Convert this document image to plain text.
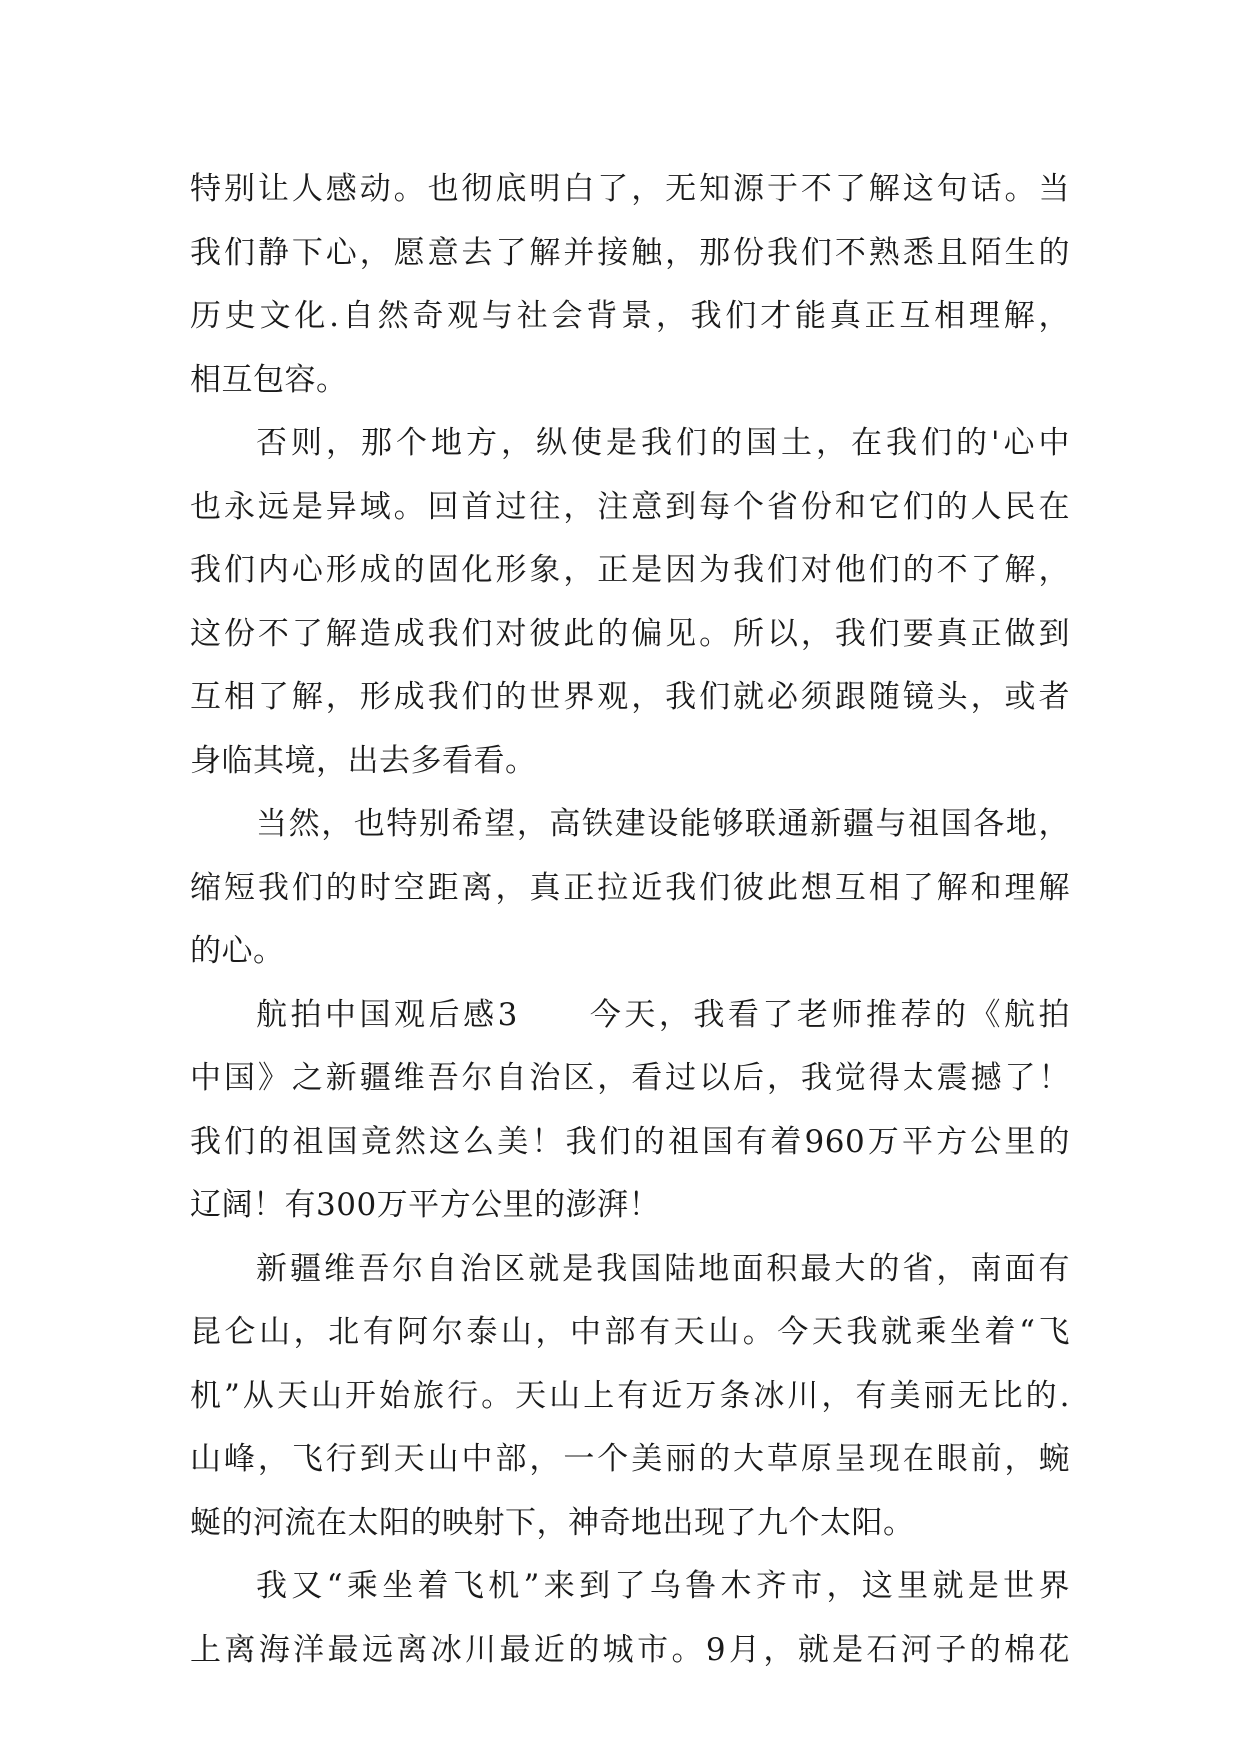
特别让人感动。也彻底明白了，无知源于不了解这句话。当
我们静下心，愿意去了解并接触，那份我们不熟悉且陌生的
历史文化.自然奇观与社会背景，我们才能真正互相理解，
相互包容。
否则，那个地方，纵使是我们的国土，在我们的'心中
也永远是异域。回首过往，注意到每个省份和它们的人民在
我们内心形成的固化形象，正是因为我们对他们的不了解，
这份不了解造成我们对彼此的偏见。所以，我们要真正做到
互相了解，形成我们的世界观，我们就必须跟随镜头，或者
身临其境，出去多看看。
当然，也特别希望，高铁建设能够联通新疆与祖国各地，
缩短我们的时空距离，真正拉近我们彼此想互相了解和理解
的心。
航拍中国观后感3　　今天，我看了老师推荐的《航拍
中国》之新疆维吾尔自治区，看过以后，我觉得太震撼了！
我们的祖国竟然这么美！我们的祖国有着960万平方公里的
辽阔！有300万平方公里的澎湃！
新疆维吾尔自治区就是我国陆地面积最大的省，南面有
昆仑山，北有阿尔泰山，中部有天山。今天我就乘坐着“飞
机”从天山开始旅行。天山上有近万条冰川，有美丽无比的.
山峰，飞行到天山中部，一个美丽的大草原呈现在眼前，蜿
蜒的河流在太阳的映射下，神奇地出现了九个太阳。
我又“乘坐着飞机”来到了乌鲁木齐市，这里就是世界
上离海洋最远离冰川最近的城市。9月，就是石河子的棉花
